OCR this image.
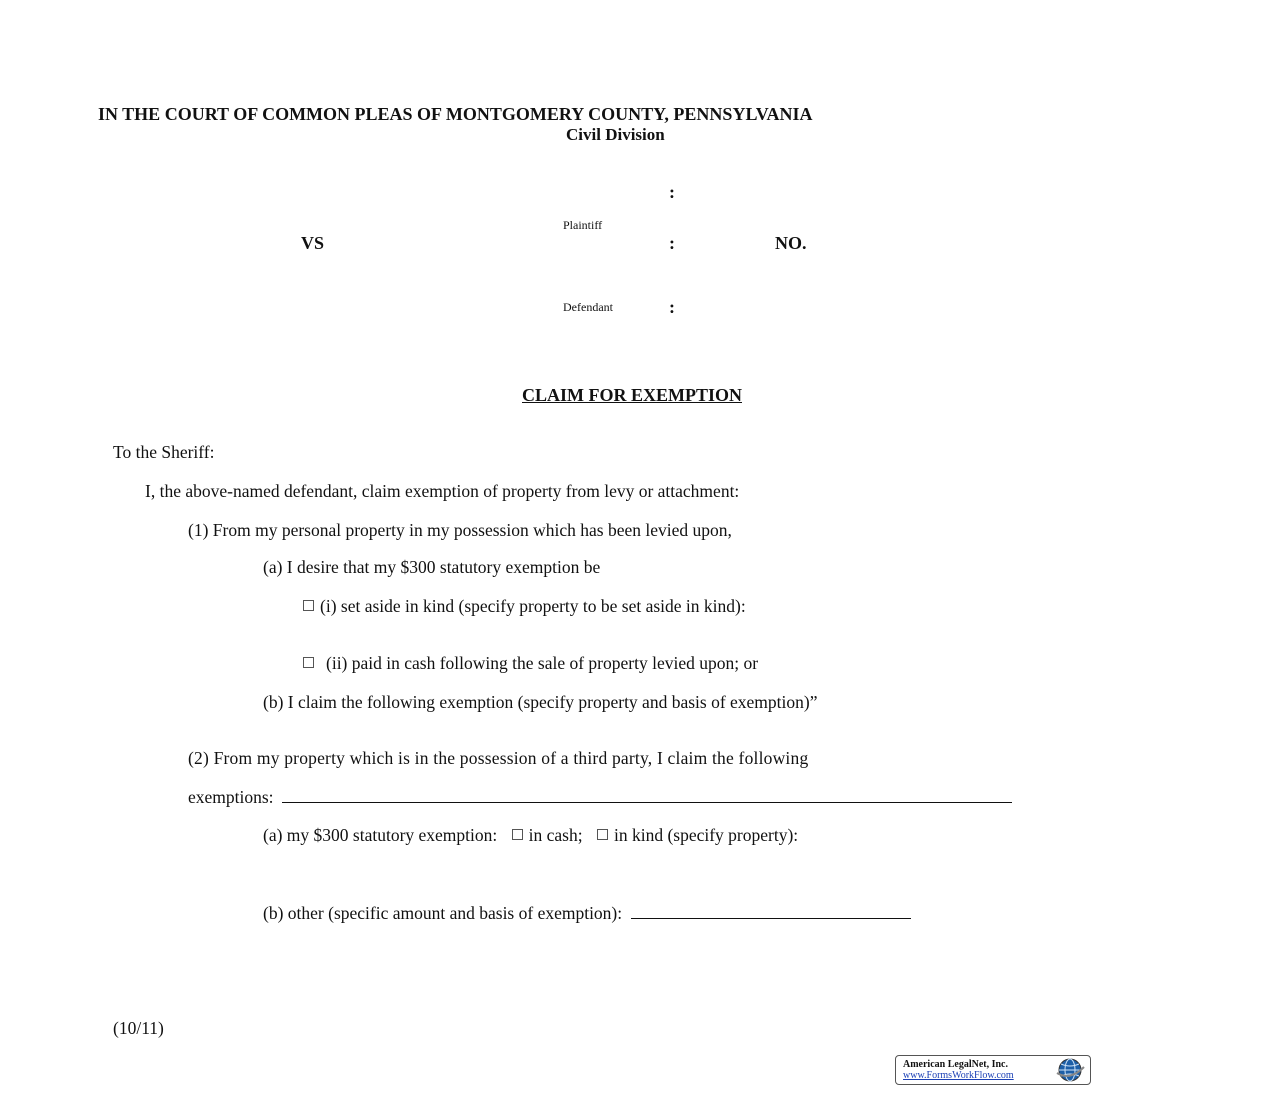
IN THE COURT OF COMMON PLEAS OF MONTGOMERY COUNTY, PENNSYLVANIA
Civil Division
:
Plaintiff
VS	:	NO.
Defendant	:
CLAIM FOR EXEMPTION
To the Sheriff:
I, the above-named defendant, claim exemption of property from levy or attachment:
(1) From my personal property in my possession which has been levied upon,
(a) I desire that my $300 statutory exemption be
(i) set aside in kind (specify property to be set aside in kind):
(ii) paid in cash following the sale of property levied upon; or
(b) I claim the following exemption (specify property and basis of exemption)”
(2) From my property which is in the possession of a third party, I claim the following
exemptions:
(a) my $300 statutory exemption: in cash; in kind (specify property):
(b) other (specific amount and basis of exemption):
(10/11)
American LegalNet, Inc.
www.FormsWorkFlow.com
